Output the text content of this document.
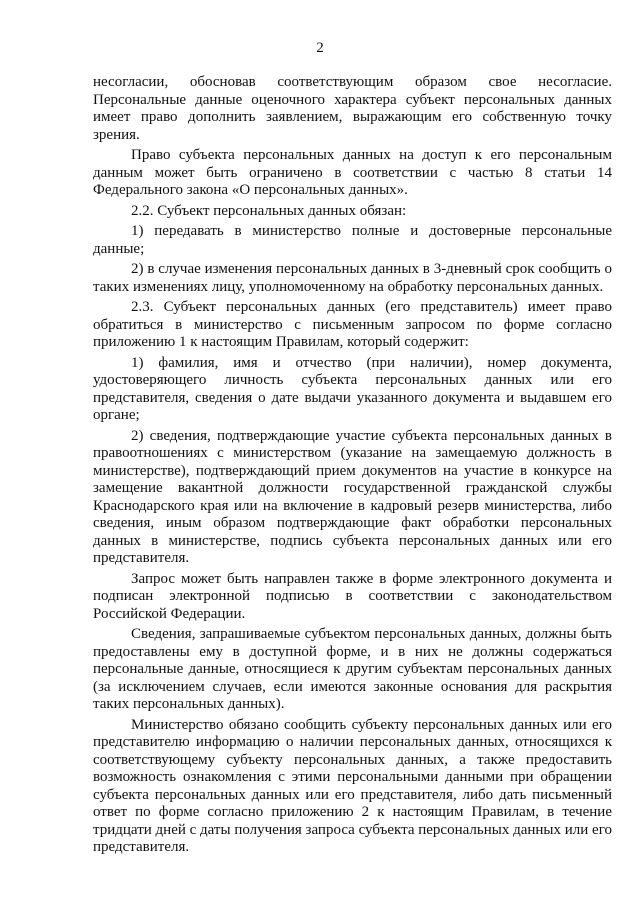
2

несогласии, обосновав соответствующим образом свое несогласие. Персональные данные оценочного характера субъект персональных данных имеет право дополнить заявлением, выражающим его собственную точку зрения.

Право субъекта персональных данных на доступ к его персональным данным может быть ограничено в соответствии с частью 8 статьи 14 Федерального закона «О персональных данных».

2.2. Субъект персональных данных обязан:

1) передавать в министерство полные и достоверные персональные данные;

2) в случае изменения персональных данных в 3-дневный срок сообщить о таких изменениях лицу, уполномоченному на обработку персональных данных.

2.3. Субъект персональных данных (его представитель) имеет право обратиться в министерство с письменным запросом по форме согласно приложению 1 к настоящим Правилам, который содержит:

1) фамилия, имя и отчество (при наличии), номер документа, удостоверяющего личность субъекта персональных данных или его представителя, сведения о дате выдачи указанного документа и выдавшем его органе;

2) сведения, подтверждающие участие субъекта персональных данных в правоотношениях с министерством (указание на замещаемую должность в министерстве), подтверждающий прием документов на участие в конкурсе на замещение вакантной должности государственной гражданской службы Краснодарского края или на включение в кадровый резерв министерства, либо сведения, иным образом подтверждающие факт обработки персональных данных в министерстве, подпись субъекта персональных данных или его представителя.

Запрос может быть направлен также в форме электронного документа и подписан электронной подписью в соответствии с законодательством Российской Федерации.

Сведения, запрашиваемые субъектом персональных данных, должны быть предоставлены ему в доступной форме, и в них не должны содержаться персональные данные, относящиеся к другим субъектам персональных данных (за исключением случаев, если имеются законные основания для раскрытия таких персональных данных).

Министерство обязано сообщить субъекту персональных данных или его представителю информацию о наличии персональных данных, относящихся к соответствующему субъекту персональных данных, а также предоставить возможность ознакомления с этими персональными данными при обращении субъекта персональных данных или его представителя, либо дать письменный ответ по форме согласно приложению 2 к настоящим Правилам, в течение тридцати дней с даты получения запроса субъекта персональных данных или его представителя.
